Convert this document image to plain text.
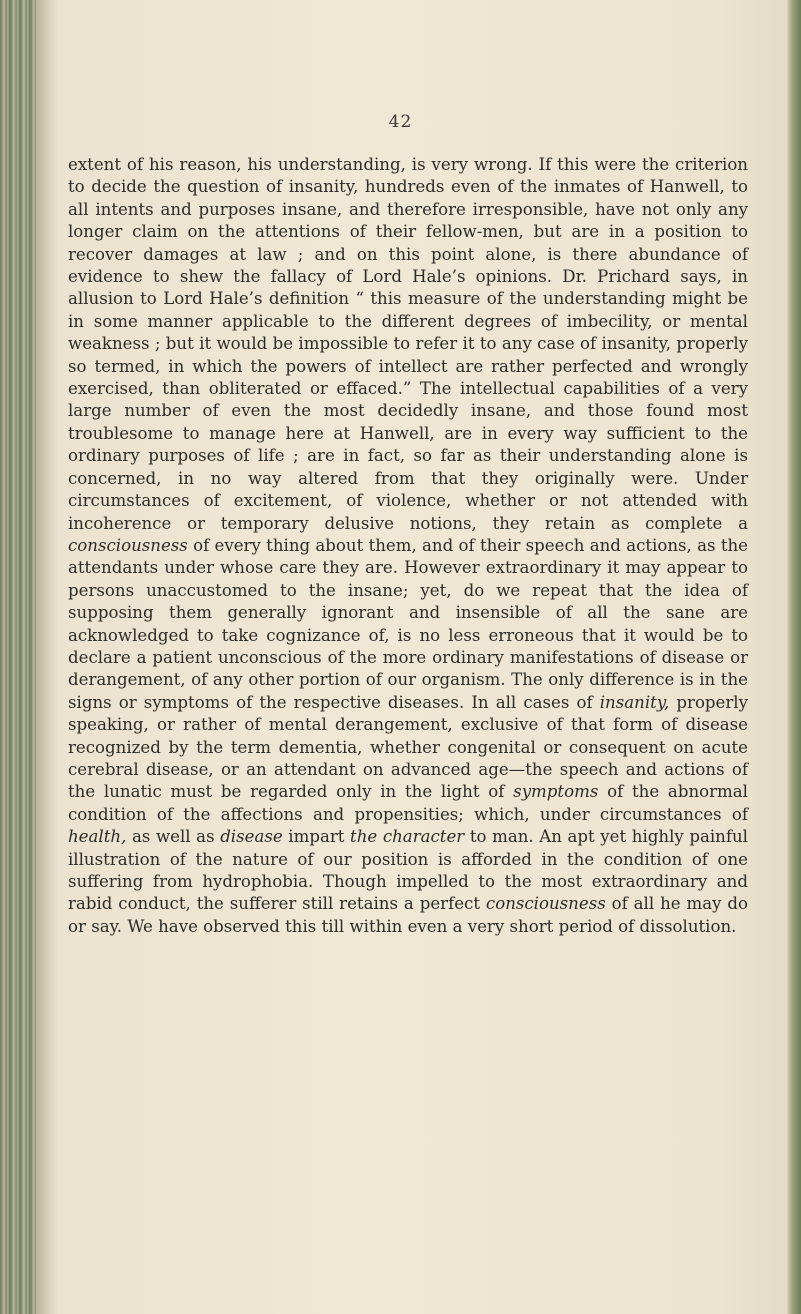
42

extent of his reason, his understanding, is very wrong. If this were the criterion to decide the question of insanity, hundreds even of the inmates of Hanwell, to all intents and purposes insane, and therefore irresponsible, have not only any longer claim on the attentions of their fellow-men, but are in a position to recover damages at law ; and on this point alone, is there abundance of evidence to shew the fallacy of Lord Hale’s opinions. Dr. Prichard says, in allusion to Lord Hale’s definition “ this measure of the understanding might be in some manner applicable to the different degrees of imbecility, or mental weakness ; but it would be impossible to refer it to any case of insanity, properly so termed, in which the powers of intellect are rather perfected and wrongly exercised, than obliterated or effaced.” The intellectual capabilities of a very large number of even the most decidedly insane, and those found most troublesome to manage here at Hanwell, are in every way sufficient to the ordinary purposes of life ; are in fact, so far as their understanding alone is concerned, in no way altered from that they originally were. Under circumstances of excitement, of violence, whether or not attended with incoherence or temporary delusive notions, they retain as complete a consciousness of every thing about them, and of their speech and actions, as the attendants under whose care they are. However extraordinary it may appear to persons unaccustomed to the insane; yet, do we repeat that the idea of supposing them generally ignorant and insensible of all the sane are acknowledged to take cognizance of, is no less erroneous that it would be to declare a patient unconscious of the more ordinary manifestations of disease or derangement, of any other portion of our organism. The only difference is in the signs or symptoms of the respective diseases. In all cases of insanity, properly speaking, or rather of mental derangement, exclusive of that form of disease recognized by the term dementia, whether congenital or consequent on acute cerebral disease, or an attendant on advanced age—the speech and actions of the lunatic must be regarded only in the light of symptoms of the abnormal condition of the affections and propensities; which, under circumstances of health, as well as disease impart the character to man. An apt yet highly painful illustration of the nature of our position is afforded in the condition of one suffering from hydrophobia. Though impelled to the most extraordinary and rabid conduct, the sufferer still retains a perfect consciousness of all he may do or say. We have observed this till within even a very short period of dissolution.
